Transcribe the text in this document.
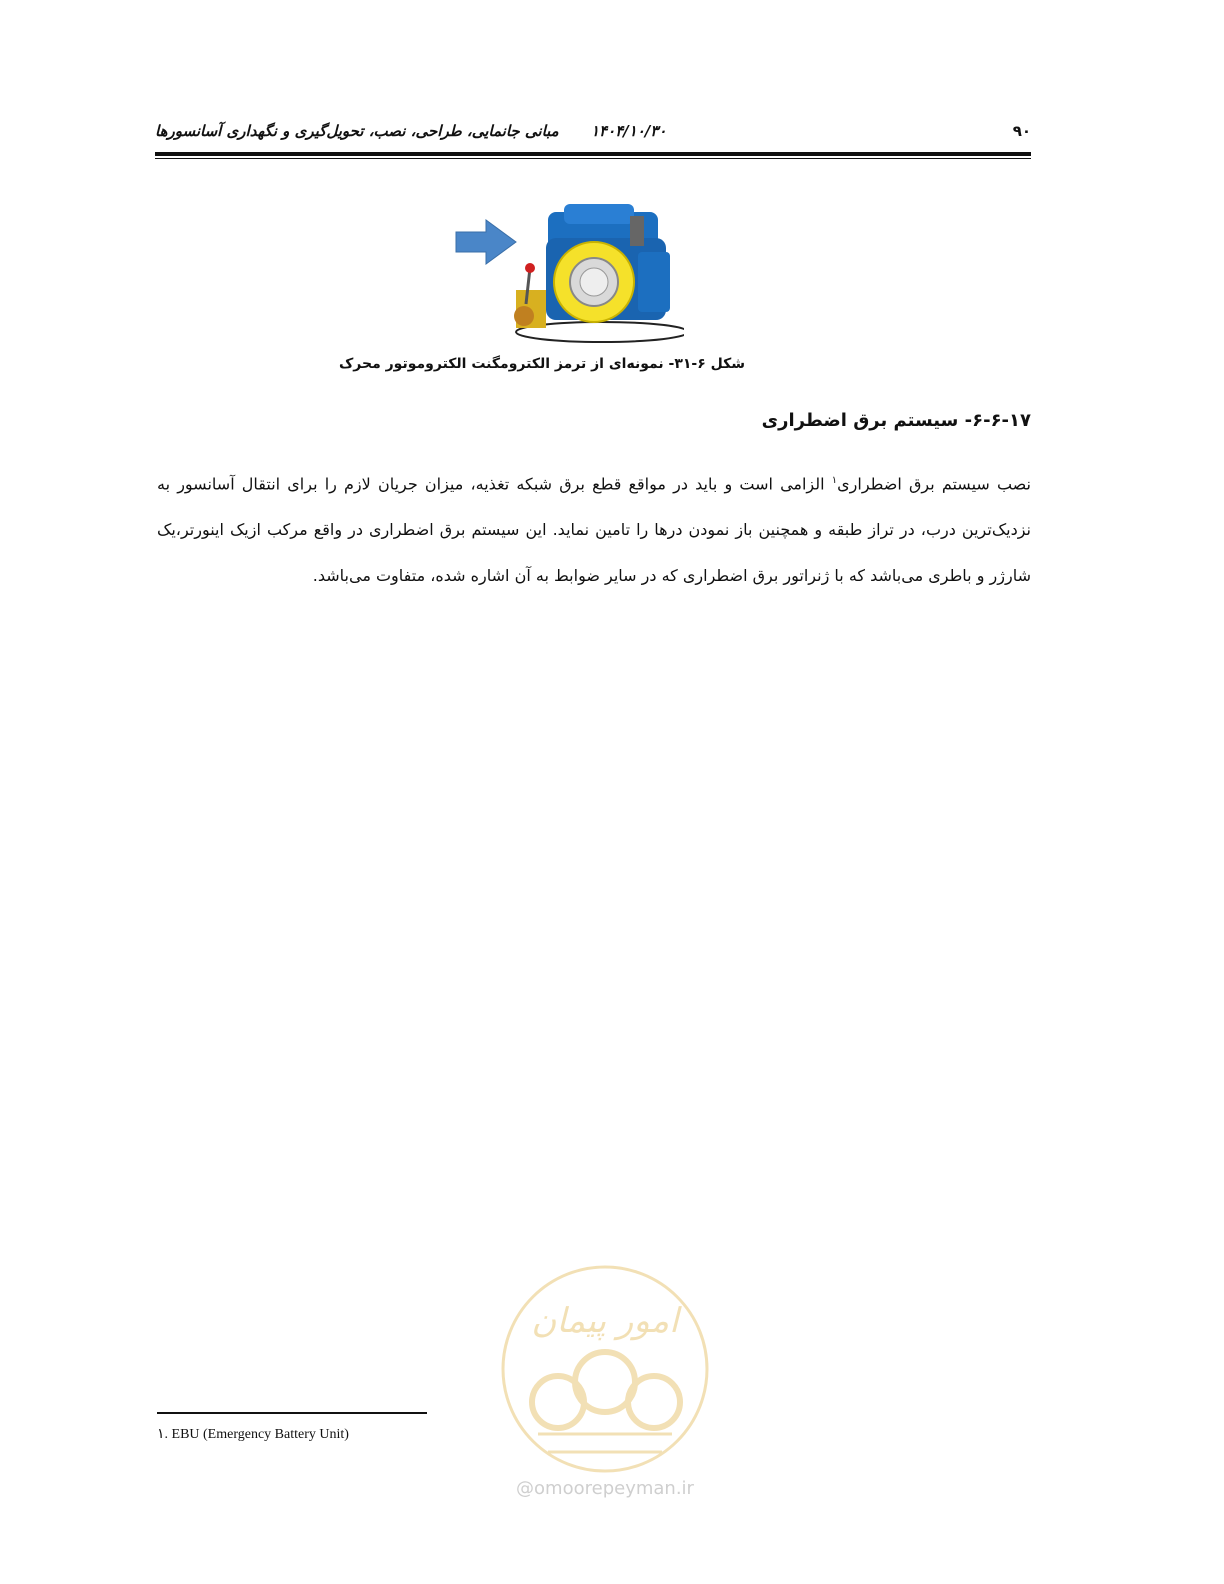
۹۰
۱۴۰۴/۱۰/۳۰
مبانی جانمایی، طراحی، نصب، تحویل‌گیری و نگهداری آسانسورها
شکل ۶-۳۱- نمونه‌ای از ترمز الکترومگنت الکتروموتور محرک
۶-۶-۱۷- سیستم برق اضطراری
نصب سیستم برق اضطراری$^۱$ الزامی است و باید در مواقع قطع برق شبکه تغذیه، میزان جریان لازم را برای انتقال آسانسور به نزدیک‌ترین درب، در تراز طبقه و همچنین باز نمودن درها را تامین نماید. این سیستم برق اضطراری در واقع مرکب ازیک اینورتر،یک شارژر و باطری می‌باشد که با ژنراتور برق اضطراری که در سایر ضوابط به آن اشاره شده، متفاوت می‌باشد.
امور پیمان
@omoorepeyman.ir
۱. EBU (Emergency Battery Unit)
